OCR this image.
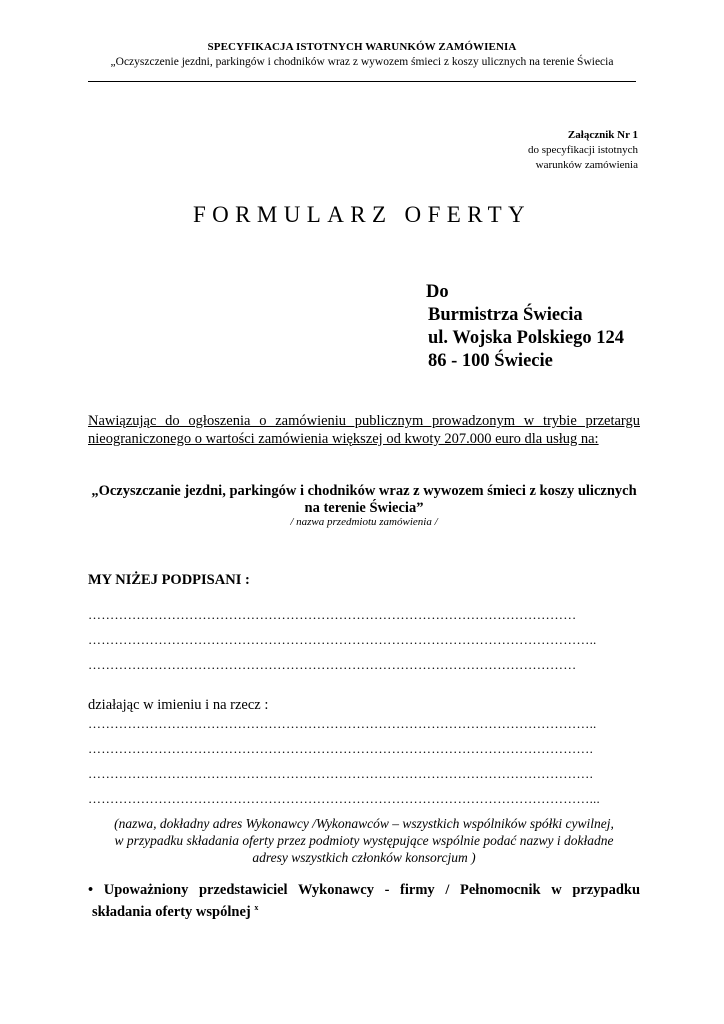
SPECYFIKACJA ISTOTNYCH WARUNKÓW ZAMÓWIENIA
„Oczyszczenie jezdni, parkingów i chodników wraz z wywozem śmieci z koszy ulicznych na terenie Świecia
Załącznik Nr 1
do specyfikacji istotnych
warunków zamówienia
FORMULARZ OFERTY
Do
Burmistrza Świecia
ul. Wojska Polskiego 124
86 - 100 Świecie
Nawiązując do ogłoszenia o zamówieniu publicznym prowadzonym w trybie przetargu
nieograniczonego o wartości zamówienia większej od kwoty 207.000 euro dla usług na:
„Oczyszczanie jezdni, parkingów i chodników wraz z wywozem śmieci z koszy ulicznych
na terenie Świecia”
/ nazwa przedmiotu zamówienia /
MY NIŻEJ PODPISANI :
…………………………………………………………………………………………………
……………………………………………………………………………………………………..
…………………………………………………………………………………………………
działając w imieniu i na rzecz :
……………………………………………………………………………………………………..
…………………………………………………………………………………………………….
…………………………………………………………………………………………………….
……………………………………………………………………………………………………...
(nazwa, dokładny adres Wykonawcy /Wykonawców – wszystkich wspólników spółki cywilnej,
w przypadku składania oferty przez podmioty występujące wspólnie podać nazwy i dokładne
adresy wszystkich członków konsorcjum )
• Upoważniony przedstawiciel Wykonawcy - firmy / Pełnomocnik w przypadku
składania oferty wspólnej $^x$
